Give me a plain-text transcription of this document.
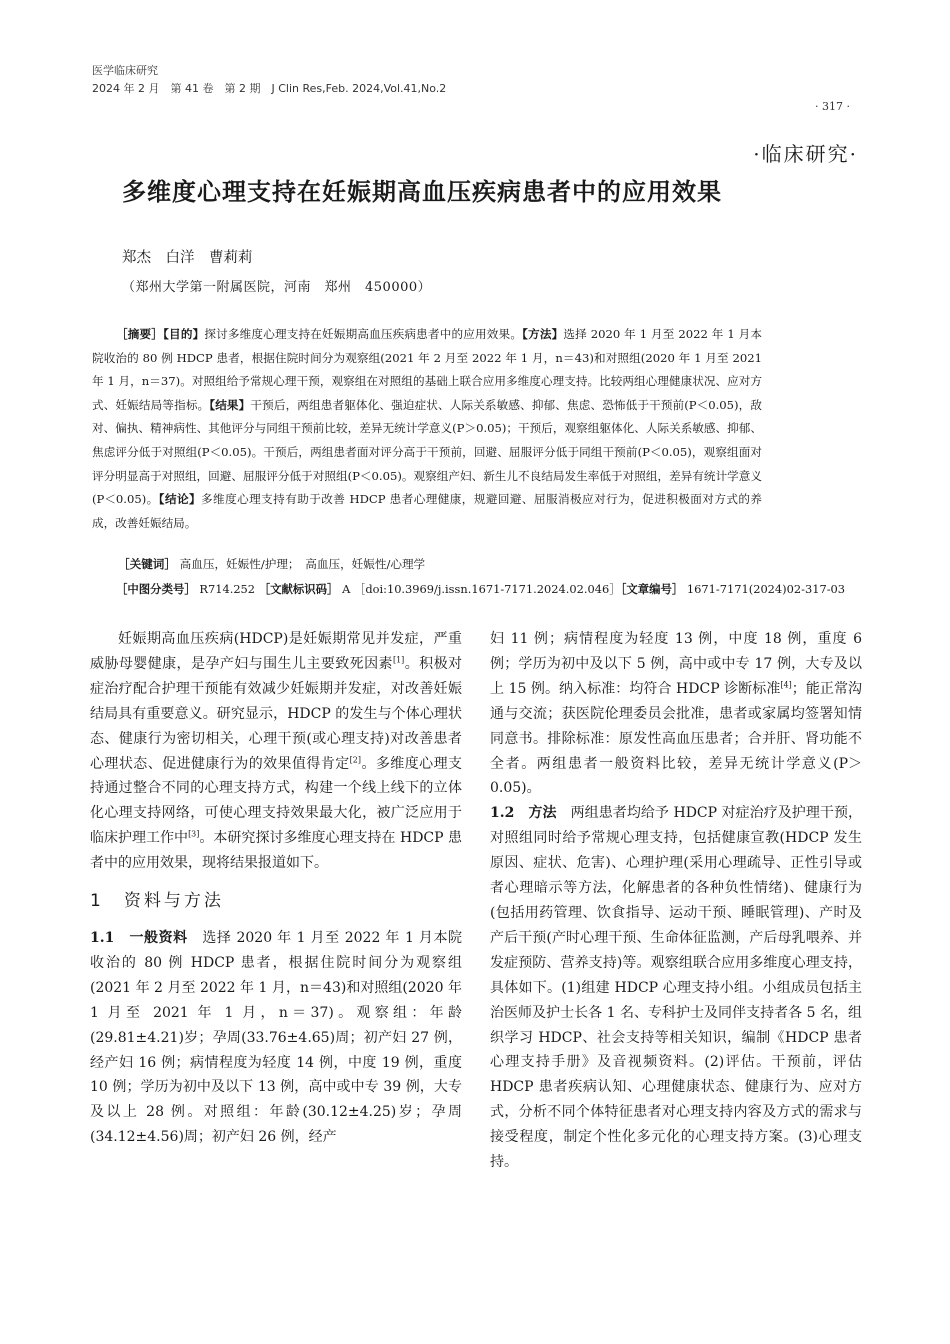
医学临床研究
2024 年 2 月　第 41 卷　第 2 期　J Clin Res,Feb. 2024,Vol.41,No.2
· 317 ·
·临床研究·
多维度心理支持在妊娠期高血压疾病患者中的应用效果
郑杰　白洋　曹莉莉
（郑州大学第一附属医院，河南　郑州　450000）

［摘要］【目的】探讨多维度心理支持在妊娠期高血压疾病患者中的应用效果。【方法】选择 2020 年 1 月至 2022 年 1 月本院收治的 80 例 HDCP 患者，根据住院时间分为观察组(2021 年 2 月至 2022 年 1 月，n＝43)和对照组(2020 年 1 月至 2021 年 1 月，n＝37)。对照组给予常规心理干预，观察组在对照组的基础上联合应用多维度心理支持。比较两组心理健康状况、应对方式、妊娠结局等指标。【结果】干预后，两组患者躯体化、强迫症状、人际关系敏感、抑郁、焦虑、恐怖低于干预前(P＜0.05)，敌对、偏执、精神病性、其他评分与同组干预前比较，差异无统计学意义(P＞0.05)；干预后，观察组躯体化、人际关系敏感、抑郁、焦虑评分低于对照组(P＜0.05)。干预后，两组患者面对评分高于干预前，回避、屈服评分低于同组干预前(P＜0.05)，观察组面对评分明显高于对照组，回避、屈服评分低于对照组(P＜0.05)。观察组产妇、新生儿不良结局发生率低于对照组，差异有统计学意义(P＜0.05)。【结论】多维度心理支持有助于改善 HDCP 患者心理健康，规避回避、屈服消极应对行为，促进积极面对方式的养成，改善妊娠结局。

［关键词］ 高血压，妊娠性/护理；　高血压，妊娠性/心理学
［中图分类号］ R714.252 ［文献标识码］ A ［doi:10.3969/j.issn.1671-7171.2024.02.046］［文章编号］ 1671-7171(2024)02-317-03

妊娠期高血压疾病(HDCP)是妊娠期常见并发症，严重威胁母婴健康，是孕产妇与围生儿主要致死因素[1]。积极对症治疗配合护理干预能有效减少妊娠期并发症，对改善妊娠结局具有重要意义。研究显示，HDCP 的发生与个体心理状态、健康行为密切相关，心理干预(或心理支持)对改善患者心理状态、促进健康行为的效果值得肯定[2]。多维度心理支持通过整合不同的心理支持方式，构建一个线上线下的立体化心理支持网络，可使心理支持效果最大化，被广泛应用于临床护理工作中[3]。本研究探讨多维度心理支持在 HDCP 患者中的应用效果，现将结果报道如下。

1　资料与方法

1.1　一般资料　 选择 2020 年 1 月至 2022 年 1 月本院收治的 80 例 HDCP 患者，根据住院时间分为观察组(2021 年 2 月至 2022 年 1 月，n＝43)和对照组(2020 年 1 月至 2021 年 1 月，n＝37)。观察组：年龄(29.81±4.21)岁；孕周(33.76±4.65)周；初产妇 27 例，经产妇 16 例；病情程度为轻度 14 例，中度 19 例，重度 10 例；学历为初中及以下 13 例，高中或中专 39 例，大专及以上 28 例。对照组：年龄(30.12±4.25)岁；孕周(34.12±4.56)周；初产妇 26 例，经产

妇 11 例；病情程度为轻度 13 例，中度 18 例，重度 6 例；学历为初中及以下 5 例，高中或中专 17 例，大专及以上 15 例。纳入标准：均符合 HDCP 诊断标准[4]；能正常沟通与交流；获医院伦理委员会批准，患者或家属均签署知情同意书。排除标准：原发性高血压患者；合并肝、肾功能不全者。两组患者一般资料比较，差异无统计学意义(P＞0.05)。

1.2　方法　 两组患者均给予 HDCP 对症治疗及护理干预，对照组同时给予常规心理支持，包括健康宣教(HDCP 发生原因、症状、危害)、心理护理(采用心理疏导、正性引导或者心理暗示等方法，化解患者的各种负性情绪)、健康行为(包括用药管理、饮食指导、运动干预、睡眠管理)、产时及产后干预(产时心理干预、生命体征监测，产后母乳喂养、并发症预防、营养支持)等。观察组联合应用多维度心理支持，具体如下。(1)组建 HDCP 心理支持小组。小组成员包括主治医师及护士长各 1 名、专科护士及同伴支持者各 5 名，组织学习 HDCP、社会支持等相关知识，编制《HDCP 患者心理支持手册》及音视频资料。(2)评估。干预前，评估 HDCP 患者疾病认知、心理健康状态、健康行为、应对方式，分析不同个体特征患者对心理支持内容及方式的需求与接受程度，制定个性化多元化的心理支持方案。(3)心理支持。
